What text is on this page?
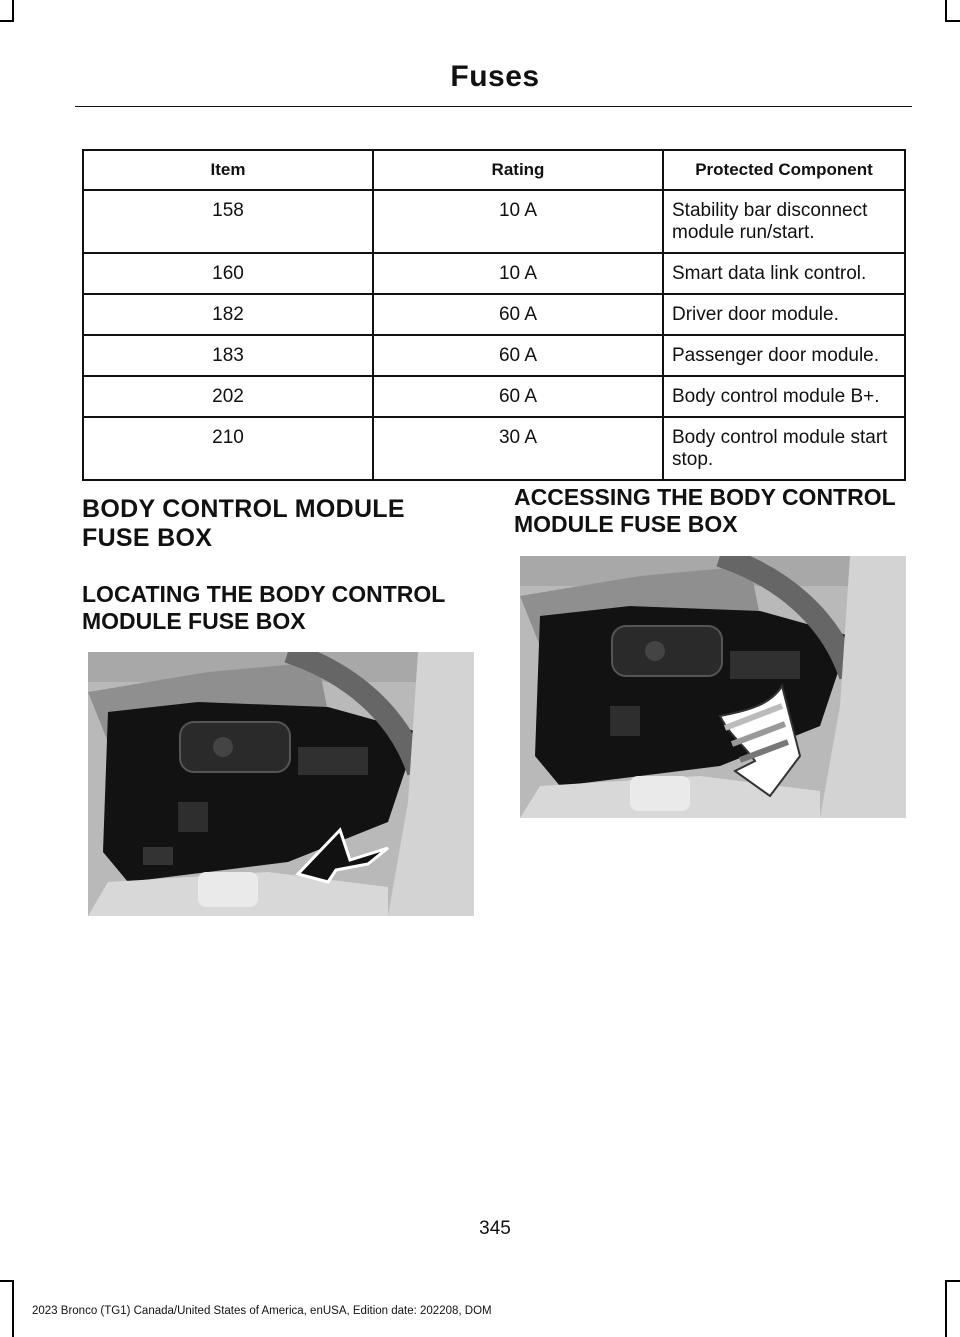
Fuses
Item	Rating	Protected Component
158	10 A	Stability bar disconnect module run/start.
160	10 A	Smart data link control.
182	60 A	Driver door module.
183	60 A	Passenger door module.
202	60 A	Body control module B+.
210	30 A	Body control module start stop.
BODY CONTROL MODULE
FUSE BOX
LOCATING THE BODY CONTROL MODULE FUSE BOX
ACCESSING THE BODY CONTROL MODULE FUSE BOX
345
2023 Bronco (TG1) Canada/United States of America, enUSA, Edition date: 202208, DOM
